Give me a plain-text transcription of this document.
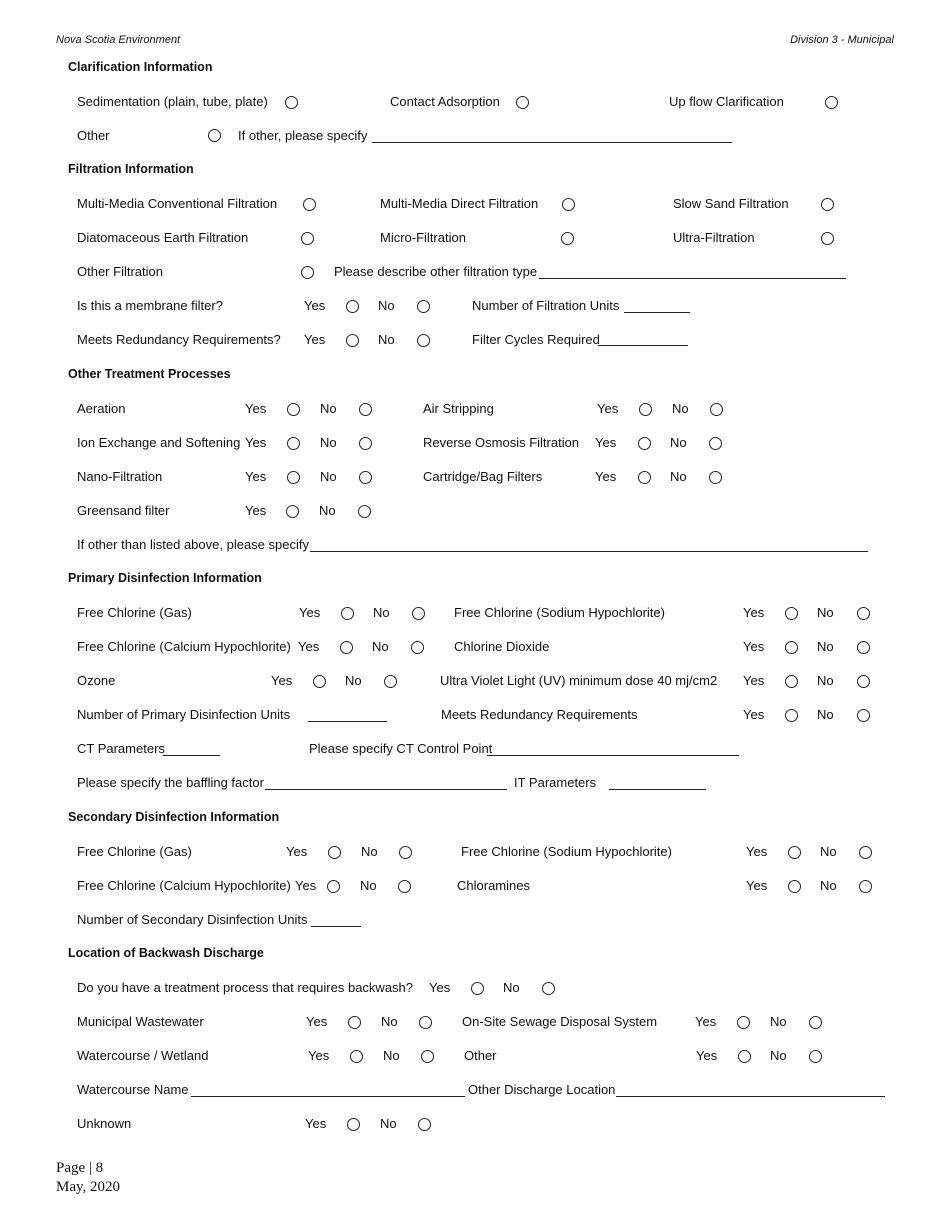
Nova Scotia Environment	Division 3 - Municipal
Clarification Information
Sedimentation (plain, tube, plate)	Contact Adsorption	Up flow Clarification
Other	If other, please specify
Filtration Information
Multi-Media Conventional Filtration	Multi-Media Direct Filtration	Slow Sand Filtration
Diatomaceous Earth Filtration	Micro-Filtration	Ultra-Filtration
Other Filtration	Please describe other filtration type
Is this a membrane filter?	Yes	No	Number of Filtration Units
Meets Redundancy Requirements? Yes	No	Filter Cycles Required
Other Treatment Processes
Aeration	Yes	No	Air Stripping	Yes	No
Ion Exchange and Softening Yes	No	Reverse Osmosis Filtration Yes	No
Nano-Filtration	Yes	No	Cartridge/Bag Filters	Yes	No
Greensand filter	Yes	No
If other than listed above, please specify
Primary Disinfection Information
Free Chlorine (Gas)	Yes	No	Free Chlorine (Sodium Hypochlorite)	Yes	No
Free Chlorine (Calcium Hypochlorite) Yes	No	Chlorine Dioxide	Yes	No
Ozone	Yes	No	Ultra Violet Light (UV) minimum dose 40 mj/cm2 Yes	No
Number of Primary Disinfection Units	Meets Redundancy Requirements	Yes	No
CT Parameters	Please specify CT Control Point
Please specify the baffling factor	IT Parameters
Secondary Disinfection Information
Free Chlorine (Gas)	Yes	No	Free Chlorine (Sodium Hypochlorite)	Yes	No
Free Chlorine (Calcium Hypochlorite) Yes	No	Chloramines	Yes	No
Number of Secondary Disinfection Units
Location of Backwash Discharge
Do you have a treatment process that requires backwash? Yes	No
Municipal Wastewater	Yes	No	On-Site Sewage Disposal System	Yes	No
Watercourse / Wetland	Yes	No	Other	Yes	No
Watercourse Name	Other Discharge Location
Unknown	Yes	No
Page | 8
May, 2020
